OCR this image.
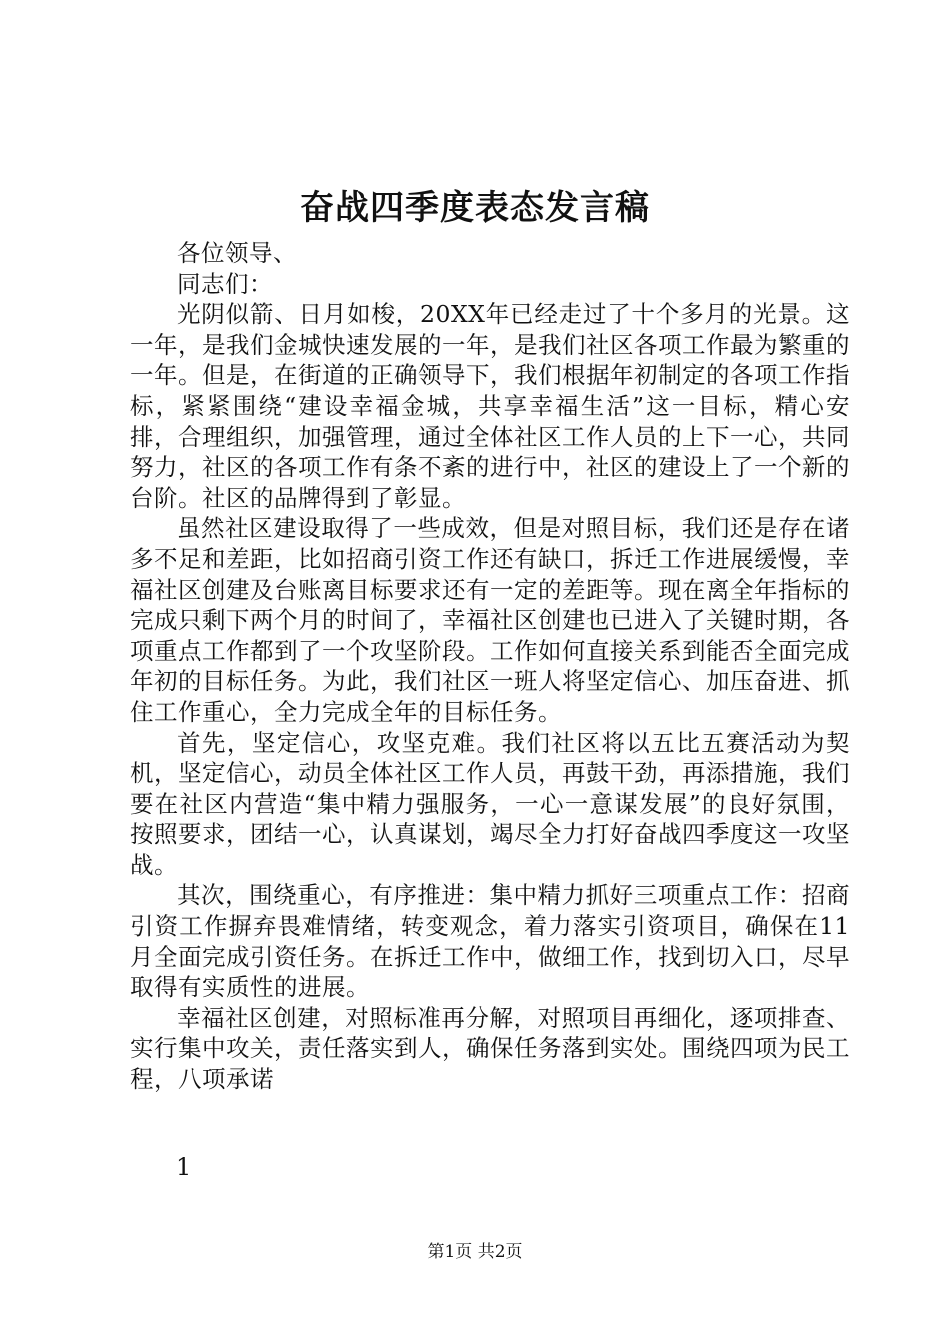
奋战四季度表态发言稿

各位领导、

同志们：

光阴似箭、日月如梭，20XX年已经走过了十个多月的光景。这一年，是我们金城快速发展的一年，是我们社区各项工作最为繁重的一年。但是，在街道的正确领导下，我们根据年初制定的各项工作指标，紧紧围绕“建设幸福金城，共享幸福生活”这一目标，精心安排，合理组织，加强管理，通过全体社区工作人员的上下一心，共同努力，社区的各项工作有条不紊的进行中，社区的建设上了一个新的台阶。社区的品牌得到了彰显。

虽然社区建设取得了一些成效，但是对照目标，我们还是存在诸多不足和差距，比如招商引资工作还有缺口，拆迁工作进展缓慢，幸福社区创建及台账离目标要求还有一定的差距等。现在离全年指标的完成只剩下两个月的时间了，幸福社区创建也已进入了关键时期，各项重点工作都到了一个攻坚阶段。工作如何直接关系到能否全面完成年初的目标任务。为此，我们社区一班人将坚定信心、加压奋进、抓住工作重心，全力完成全年的目标任务。

首先，坚定信心，攻坚克难。我们社区将以五比五赛活动为契机，坚定信心，动员全体社区工作人员，再鼓干劲，再添措施，我们要在社区内营造“集中精力强服务，一心一意谋发展”的良好氛围，按照要求，团结一心，认真谋划，竭尽全力打好奋战四季度这一攻坚战。

其次，围绕重心，有序推进：集中精力抓好三项重点工作：招商引资工作摒弃畏难情绪，转变观念，着力落实引资项目，确保在11月全面完成引资任务。在拆迁工作中，做细工作，找到切入口，尽早取得有实质性的进展。

幸福社区创建，对照标准再分解，对照项目再细化，逐项排查、实行集中攻关，责任落实到人，确保任务落到实处。围绕四项为民工程，八项承诺

1
第1页 共2页
